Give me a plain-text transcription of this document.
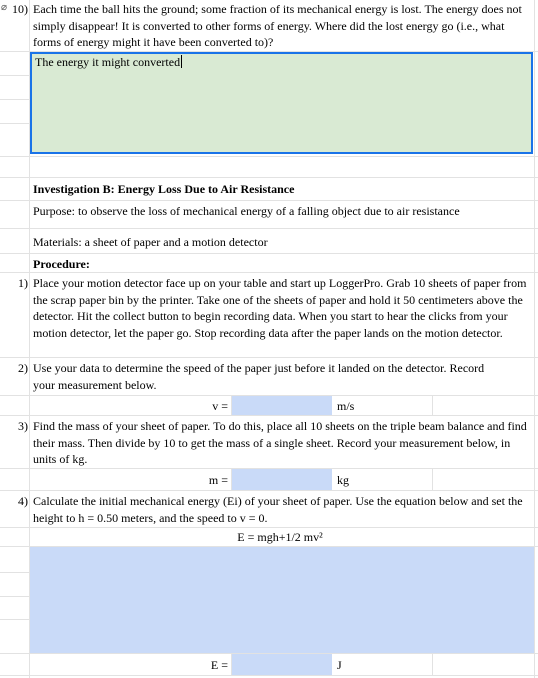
⌀ 10) Each time the ball hits the ground; some fraction of its mechanical energy is lost. The energy does not simply disappear! It is converted to other forms of energy. Where did the lost energy go (i.e., what forms of energy might it have been converted to)?
The energy it might converted
Investigation B: Energy Loss Due to Air Resistance
Purpose: to observe the loss of mechanical energy of a falling object due to air resistance
Materials: a sheet of paper and a motion detector
Procedure:
1) Place your motion detector face up on your table and start up LoggerPro. Grab 10 sheets of paper from the scrap paper bin by the printer. Take one of the sheets of paper and hold it 50 centimeters above the detector. Hit the collect button to begin recording data. When you start to hear the clicks from your motion detector, let the paper go. Stop recording data after the paper lands on the motion detector.
2) Use your data to determine the speed of the paper just before it landed on the detector. Record your measurement below.
v =	m/s
3) Find the mass of your sheet of paper. To do this, place all 10 sheets on the triple beam balance and find their mass. Then divide by 10 to get the mass of a single sheet. Record your measurement below, in units of kg.
m =	kg
4) Calculate the initial mechanical energy (Ei) of your sheet of paper. Use the equation below and set the height to h = 0.50 meters, and the speed to v = 0.
E = mgh+1/2 mv²
E =	J
